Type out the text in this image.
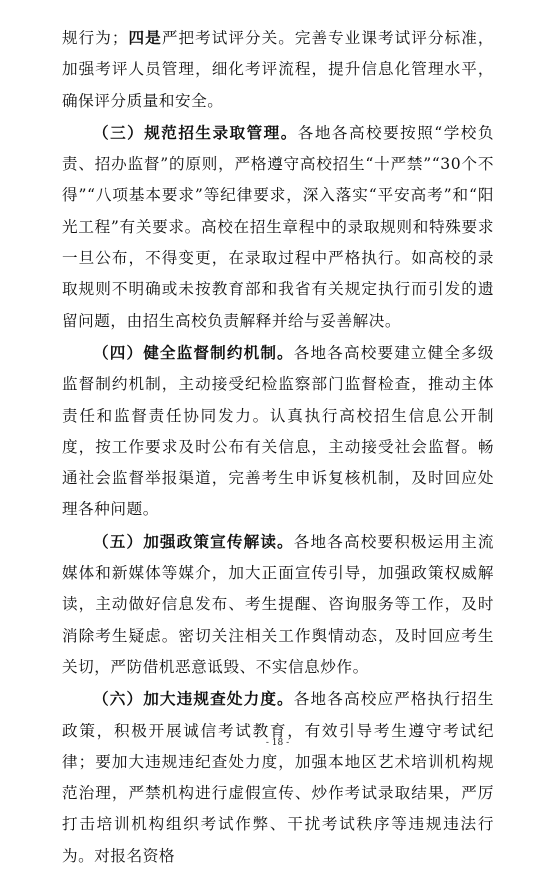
规行为；四是严把考试评分关。完善专业课考试评分标准，加强考评人员管理，细化考评流程，提升信息化管理水平，确保评分质量和安全。

（三）规范招生录取管理。各地各高校要按照“学校负责、招办监督”的原则，严格遵守高校招生“十严禁”“30个不得”“八项基本要求”等纪律要求，深入落实“平安高考”和“阳光工程”有关要求。高校在招生章程中的录取规则和特殊要求一旦公布，不得变更，在录取过程中严格执行。如高校的录取规则不明确或未按教育部和我省有关规定执行而引发的遗留问题，由招生高校负责解释并给与妥善解决。

（四）健全监督制约机制。各地各高校要建立健全多级监督制约机制，主动接受纪检监察部门监督检查，推动主体责任和监督责任协同发力。认真执行高校招生信息公开制度，按工作要求及时公布有关信息，主动接受社会监督。畅通社会监督举报渠道，完善考生申诉复核机制，及时回应处理各种问题。

（五）加强政策宣传解读。各地各高校要积极运用主流媒体和新媒体等媒介，加大正面宣传引导，加强政策权威解读，主动做好信息发布、考生提醒、咨询服务等工作，及时消除考生疑虑。密切关注相关工作舆情动态，及时回应考生关切，严防借机恶意诋毁、不实信息炒作。

（六）加大违规查处力度。各地各高校应严格执行招生政策，积极开展诚信考试教育，有效引导考生遵守考试纪律；要加大违规违纪查处力度，加强本地区艺术培训机构规范治理，严禁机构进行虚假宣传、炒作考试录取结果，严厉打击培训机构组织考试作弊、干扰考试秩序等违规违法行为。对报名资格

- 18 -
